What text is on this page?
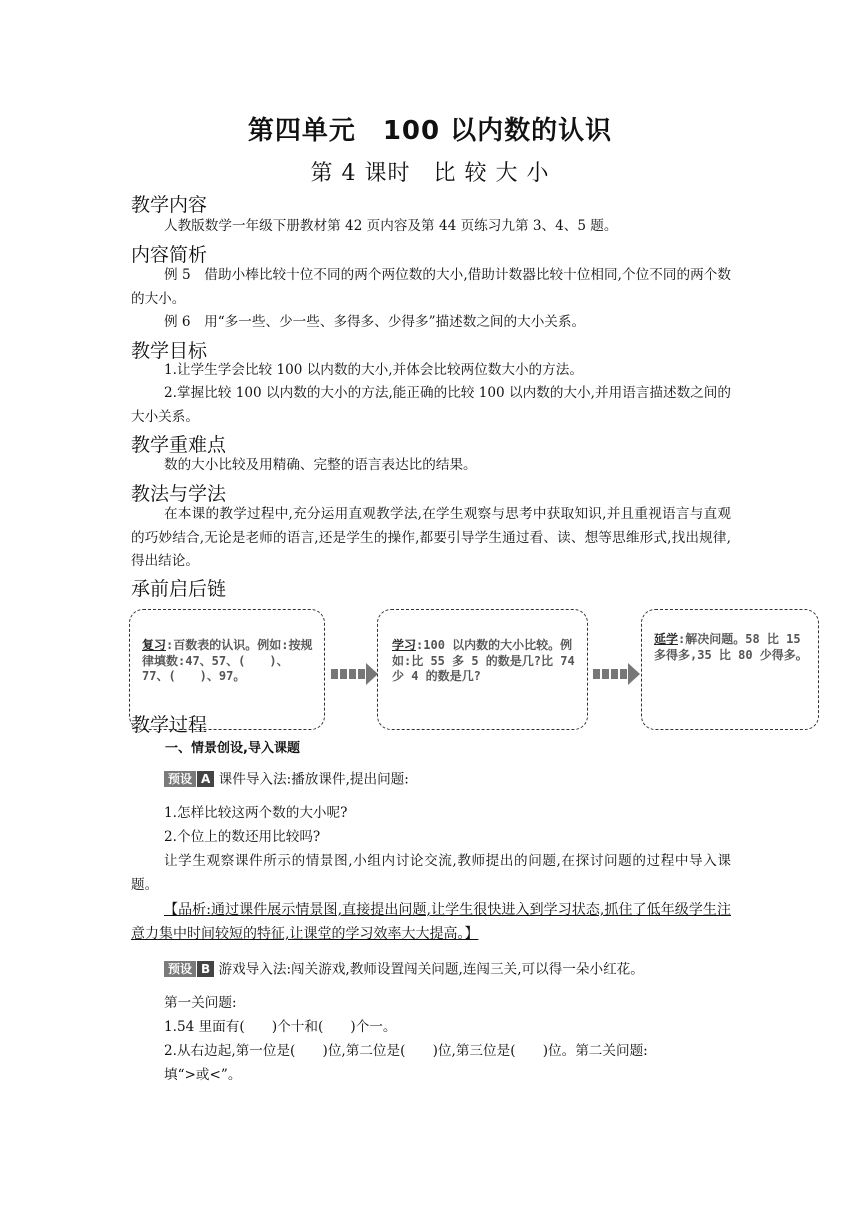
第四单元　100 以内数的认识
第 4 课时　比 较 大 小
教学内容
人教版数学一年级下册教材第 42 页内容及第 44 页练习九第 3、4、5 题。
内容简析
例 5　借助小棒比较十位不同的两个两位数的大小,借助计数器比较十位相同,个位不同的两个数的大小。
例 6　用“多一些、少一些、多得多、少得多”描述数之间的大小关系。
教学目标
1.让学生学会比较 100 以内数的大小,并体会比较两位数大小的方法。
2.掌握比较 100 以内数的大小的方法,能正确的比较 100 以内数的大小,并用语言描述数之间的大小关系。
教学重难点
数的大小比较及用精确、完整的语言表达比的结果。
教法与学法
在本课的教学过程中,充分运用直观教学法,在学生观察与思考中获取知识,并且重视语言与直观的巧妙结合,无论是老师的语言,还是学生的操作,都要引导学生通过看、读、想等思维形式,找出规律,得出结论。
承前启后链
复习:百数表的认识。例如:按规律填数:47、57、(　　)、77、(　　)、97。
学习:100 以内数的大小比较。例如:比 55 多 5 的数是几?比 74 少 4 的数是几?
延学:解决问题。58 比 15 多得多,35 比 80 少得多。
教学过程
一、情景创设,导入课题
预设 A 课件导入法:播放课件,提出问题:
1.怎样比较这两个数的大小呢?
2.个位上的数还用比较吗?
让学生观察课件所示的情景图,小组内讨论交流,教师提出的问题,在探讨问题的过程中导入课题。
【品析:通过课件展示情景图,直接提出问题,让学生很快进入到学习状态,抓住了低年级学生注意力集中时间较短的特征,让课堂的学习效率大大提高。】
预设 B 游戏导入法:闯关游戏,教师设置闯关问题,连闯三关,可以得一朵小红花。
第一关问题:
1.54 里面有(　　)个十和(　　)个一。
2.从右边起,第一位是(　　)位,第二位是(　　)位,第三位是(　　)位。第二关问题:
填“>或<”。
